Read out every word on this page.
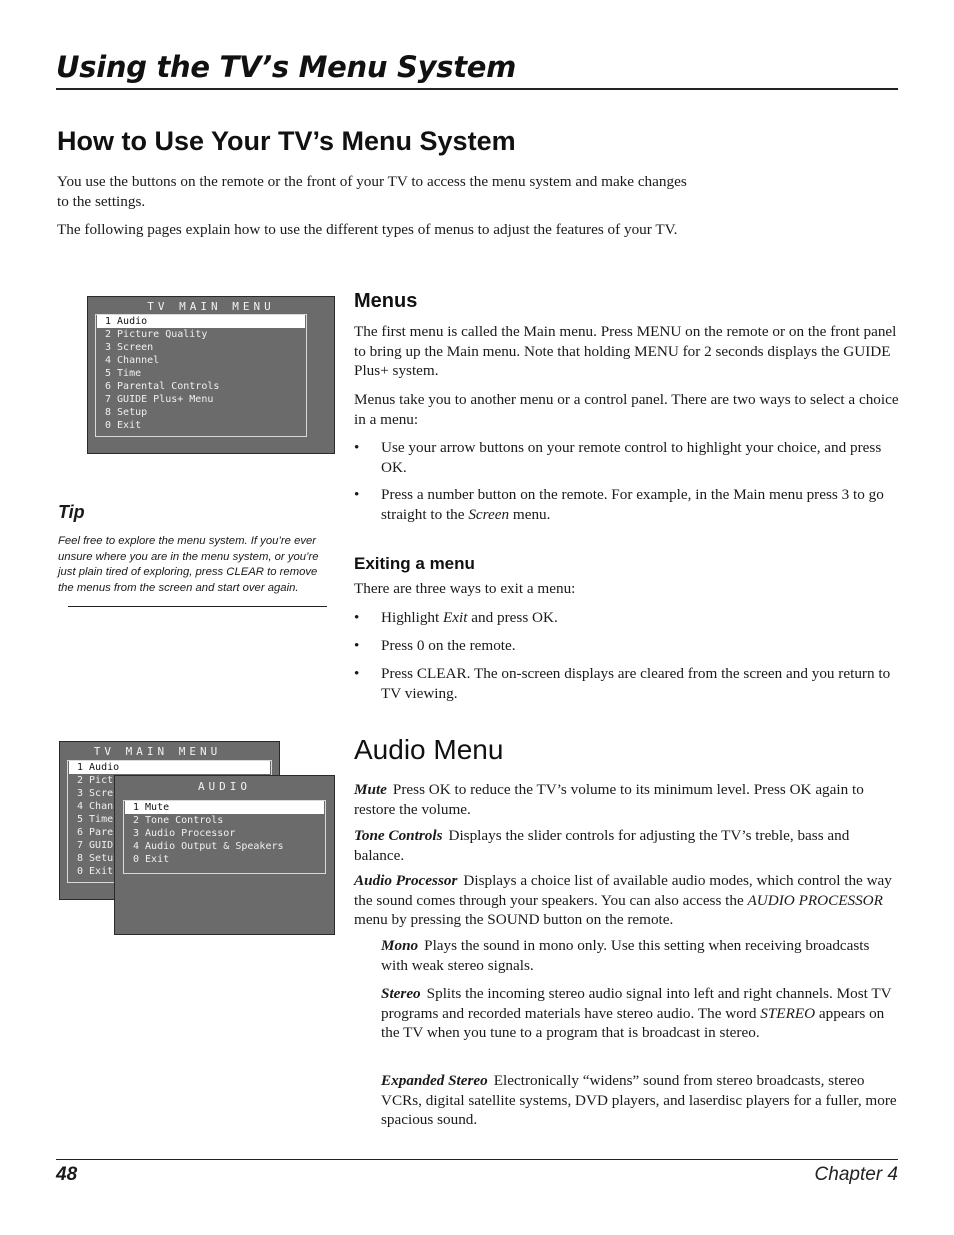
Using the TV’s Menu System
How to Use Your TV’s Menu System

You use the buttons on the remote or the front of your TV to access the menu system and make changes to the settings.

The following pages explain how to use the different types of menus to adjust the features of your TV.

TV MAIN MENU
1 Audio
2 Picture Quality
3 Screen
4 Channel
5 Time
6 Parental Controls
7 GUIDE Plus+ Menu
8 Setup
0 Exit
Menus

The first menu is called the Main menu. Press MENU on the remote or on the front panel to bring up the Main menu. Note that holding MENU for 2 seconds displays the GUIDE Plus+ system.

Menus take you to another menu or a control panel. There are two ways to select a choice in a menu:

• Use your arrow buttons on your remote control to highlight your choice, and press OK.
• Press a number button on the remote. For example, in the Main menu press 3 to go straight to the Screen menu.
Tip

Feel free to explore the menu system. If you’re ever unsure where you are in the menu system, or you’re just plain tired of exploring, press CLEAR to remove the menus from the screen and start over again.

Exiting a menu

There are three ways to exit a menu:

• Highlight Exit and press OK.
• Press 0 on the remote.
• Press CLEAR. The on-screen displays are cleared from the screen and you return to TV viewing.
TV MAIN MENU
1 Audio
2 Pict
3 Scre
4 Chan
5 Time
6 Pare
7 GUID
8 Setu
0 Exit
AUDIO
1 Mute
2 Tone Controls
3 Audio Processor
4 Audio Output & Speakers
0 Exit
Audio Menu

Mute Press OK to reduce the TV’s volume to its minimum level. Press OK again to restore the volume.

Tone Controls Displays the slider controls for adjusting the TV’s treble, bass and balance.

Audio Processor Displays a choice list of available audio modes, which control the way the sound comes through your speakers. You can also access the AUDIO PROCESSOR menu by pressing the SOUND button on the remote.

Mono Plays the sound in mono only. Use this setting when receiving broadcasts with weak stereo signals.

Stereo Splits the incoming stereo audio signal into left and right channels. Most TV programs and recorded materials have stereo audio. The word STEREO appears on the TV when you tune to a program that is broadcast in stereo.

Expanded Stereo Electronically “widens” sound from stereo broadcasts, stereo VCRs, digital satellite systems, DVD players, and laserdisc players for a fuller, more spacious sound.

48	Chapter 4
